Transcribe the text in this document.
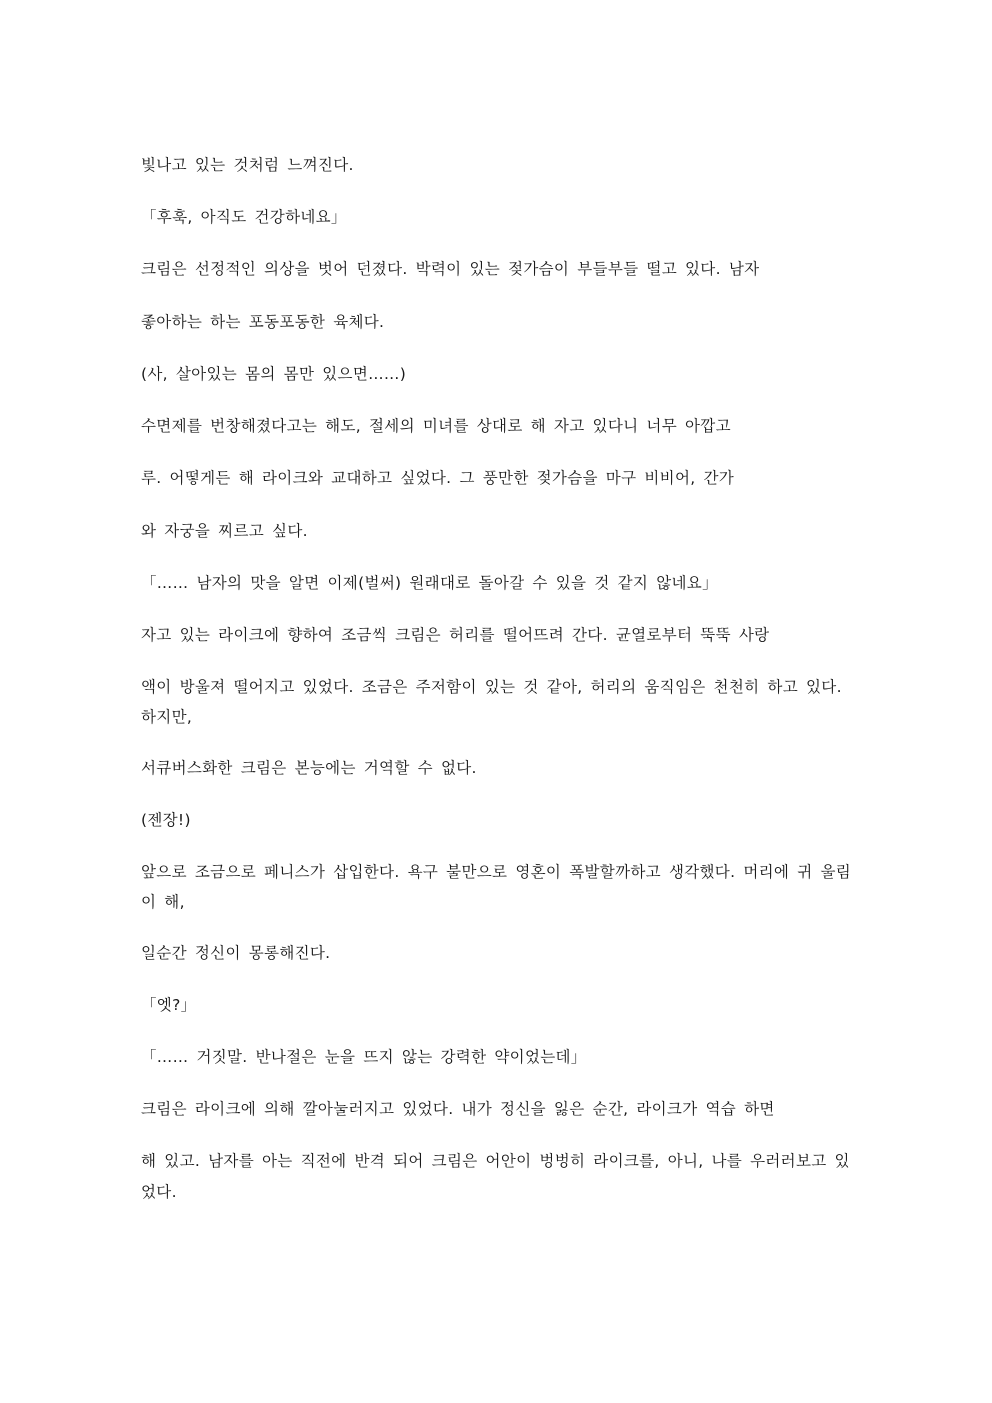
빛나고 있는 것처럼 느껴진다.

「후훅, 아직도 건강하네요」

크림은 선정적인 의상을 벗어 던졌다. 박력이 있는 젖가슴이 부들부들 떨고 있다. 남자

좋아하는 하는 포동포동한 육체다.

(사, 살아있는 몸의 몸만 있으면……)

수면제를 번창해졌다고는 해도, 절세의 미녀를 상대로 해 자고 있다니 너무 아깝고

루. 어떻게든 해 라이크와 교대하고 싶었다. 그 풍만한 젖가슴을 마구 비비어, 간가

와 자궁을 찌르고 싶다.

「…… 남자의 맛을 알면 이제(벌써) 원래대로 돌아갈 수 있을 것 같지 않네요」

자고 있는 라이크에 향하여 조금씩 크림은 허리를 떨어뜨려 간다. 균열로부터 뚝뚝 사랑

액이 방울져 떨어지고 있었다. 조금은 주저함이 있는 것 같아, 허리의 움직임은 천천히 하고 있다. 하지만,

서큐버스화한 크림은 본능에는 거역할 수 없다.

(젠장!)

앞으로 조금으로 페니스가 삽입한다. 욕구 불만으로 영혼이 폭발할까하고 생각했다. 머리에 귀 울림이 해,

일순간 정신이 몽롱해진다.

「엣?」

「…… 거짓말. 반나절은 눈을 뜨지 않는 강력한 약이었는데」

크림은 라이크에 의해 깔아눌러지고 있었다. 내가 정신을 잃은 순간, 라이크가 역습 하면

해 있고. 남자를 아는 직전에 반격 되어 크림은 어안이 벙벙히 라이크를, 아니, 나를 우러러보고 있었다.
